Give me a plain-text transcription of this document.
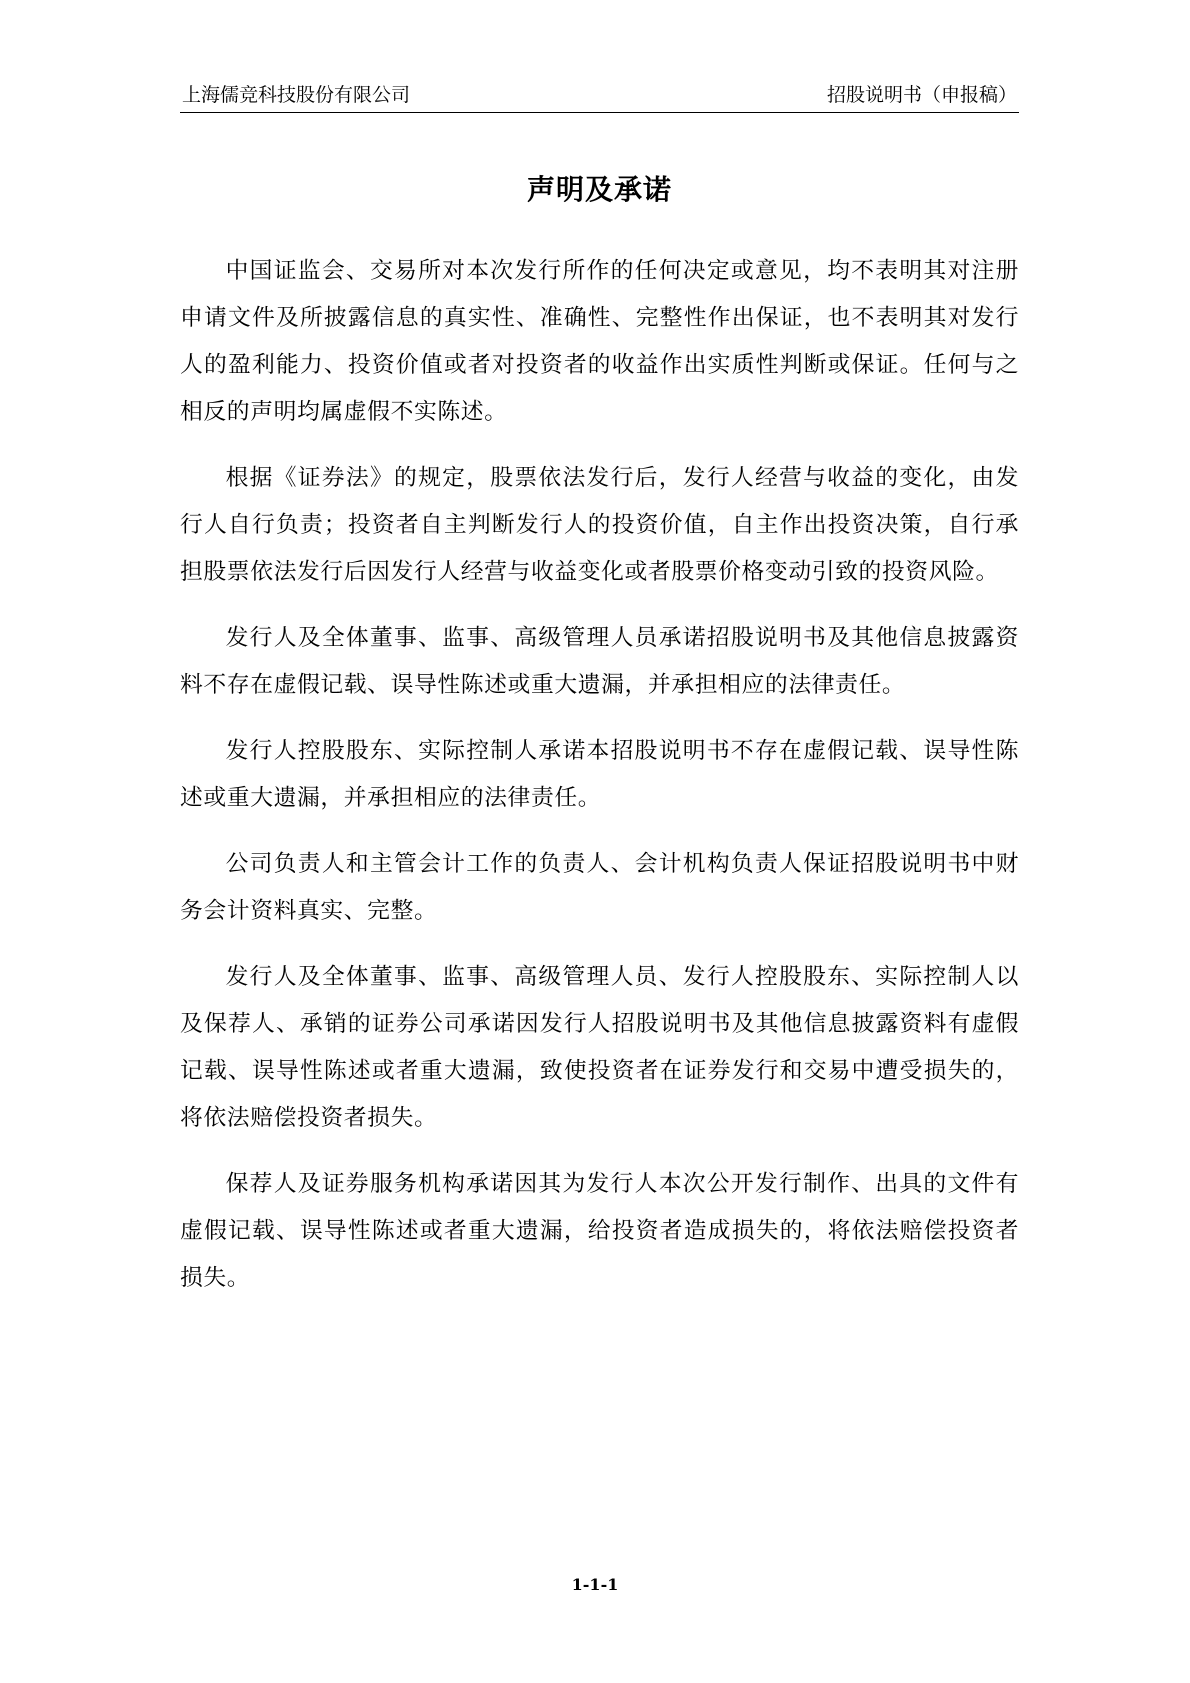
上海儒竞科技股份有限公司	招股说明书（申报稿）
声明及承诺

中国证监会、交易所对本次发行所作的任何决定或意见，均不表明其对注册申请文件及所披露信息的真实性、准确性、完整性作出保证，也不表明其对发行人的盈利能力、投资价值或者对投资者的收益作出实质性判断或保证。任何与之相反的声明均属虚假不实陈述。

根据《证券法》的规定，股票依法发行后，发行人经营与收益的变化，由发行人自行负责；投资者自主判断发行人的投资价值，自主作出投资决策，自行承担股票依法发行后因发行人经营与收益变化或者股票价格变动引致的投资风险。

发行人及全体董事、监事、高级管理人员承诺招股说明书及其他信息披露资料不存在虚假记载、误导性陈述或重大遗漏，并承担相应的法律责任。

发行人控股股东、实际控制人承诺本招股说明书不存在虚假记载、误导性陈述或重大遗漏，并承担相应的法律责任。

公司负责人和主管会计工作的负责人、会计机构负责人保证招股说明书中财务会计资料真实、完整。

发行人及全体董事、监事、高级管理人员、发行人控股股东、实际控制人以及保荐人、承销的证券公司承诺因发行人招股说明书及其他信息披露资料有虚假记载、误导性陈述或者重大遗漏，致使投资者在证券发行和交易中遭受损失的，将依法赔偿投资者损失。

保荐人及证券服务机构承诺因其为发行人本次公开发行制作、出具的文件有虚假记载、误导性陈述或者重大遗漏，给投资者造成损失的，将依法赔偿投资者损失。

1-1-1
